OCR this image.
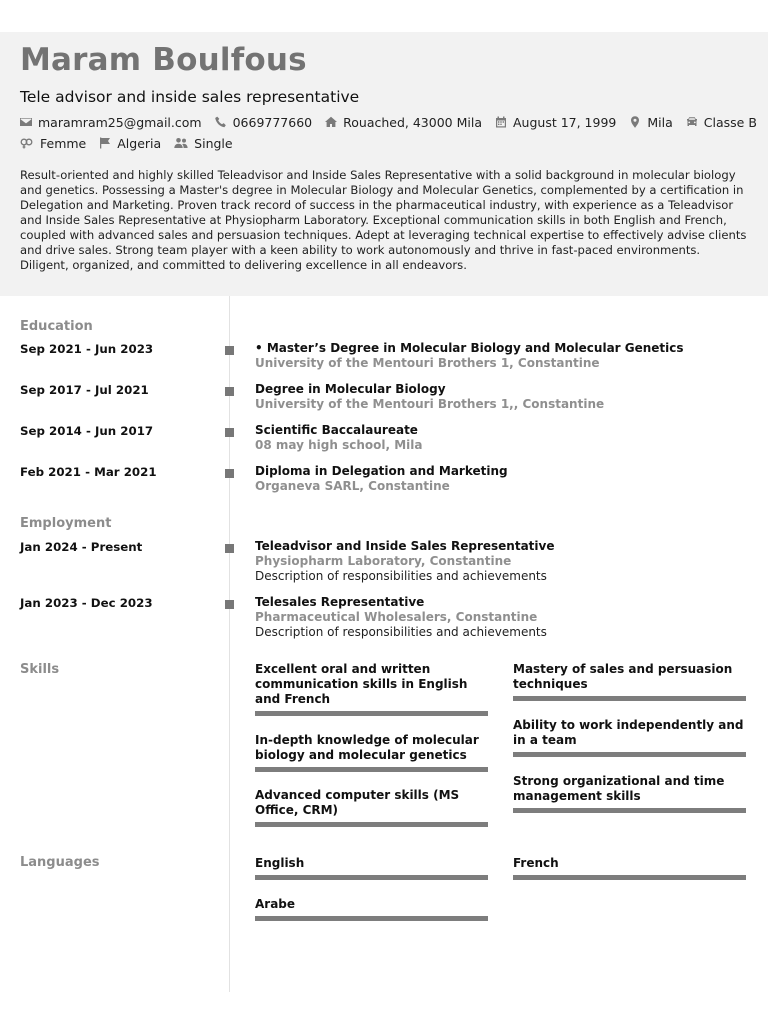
Maram Boulfous
Tele advisor and inside sales representative
maramram25@gmail.com 0669777660 Rouached, 43000 Mila August 17, 1999 Mila Classe B
Femme Algeria	Single
Result-oriented and highly skilled Teleadvisor and Inside Sales Representative with a solid background in molecular biology and genetics. Possessing a Master's degree in Molecular Biology and Molecular Genetics, complemented by a certification in Delegation and Marketing. Proven track record of success in the pharmaceutical industry, with experience as a Teleadvisor and Inside Sales Representative at Physiopharm Laboratory. Exceptional communication skills in both English and French, coupled with advanced sales and persuasion techniques. Adept at leveraging technical expertise to effectively advise clients and drive sales. Strong team player with a keen ability to work autonomously and thrive in fast-paced environments. Diligent, organized, and committed to delivering excellence in all endeavors.
Education
Sep 2021 - Jun 2023	• Master’s Degree in Molecular Biology and Molecular Genetics
University of the Mentouri Brothers 1, Constantine
Sep 2017 - Jul 2021	Degree in Molecular Biology
University of the Mentouri Brothers 1,, Constantine
Sep 2014 - Jun 2017	Scientific Baccalaureate
08 may high school, Mila
Feb 2021 - Mar 2021	Diploma in Delegation and Marketing
Organeva SARL, Constantine
Employment
Jan 2024 - Present	Teleadvisor and Inside Sales Representative
Physiopharm Laboratory, Constantine
Description of responsibilities and achievements
Jan 2023 - Dec 2023	Telesales Representative
Pharmaceutical Wholesalers, Constantine
Description of responsibilities and achievements
Skills	Excellent oral and written communication skills in English and French
Mastery of sales and persuasion techniques
In-depth knowledge of molecular biology and molecular genetics
Ability to work independently and in a team
Advanced computer skills (MS Office, CRM)
Strong organizational and time management skills
Languages	English	French
Arabe
